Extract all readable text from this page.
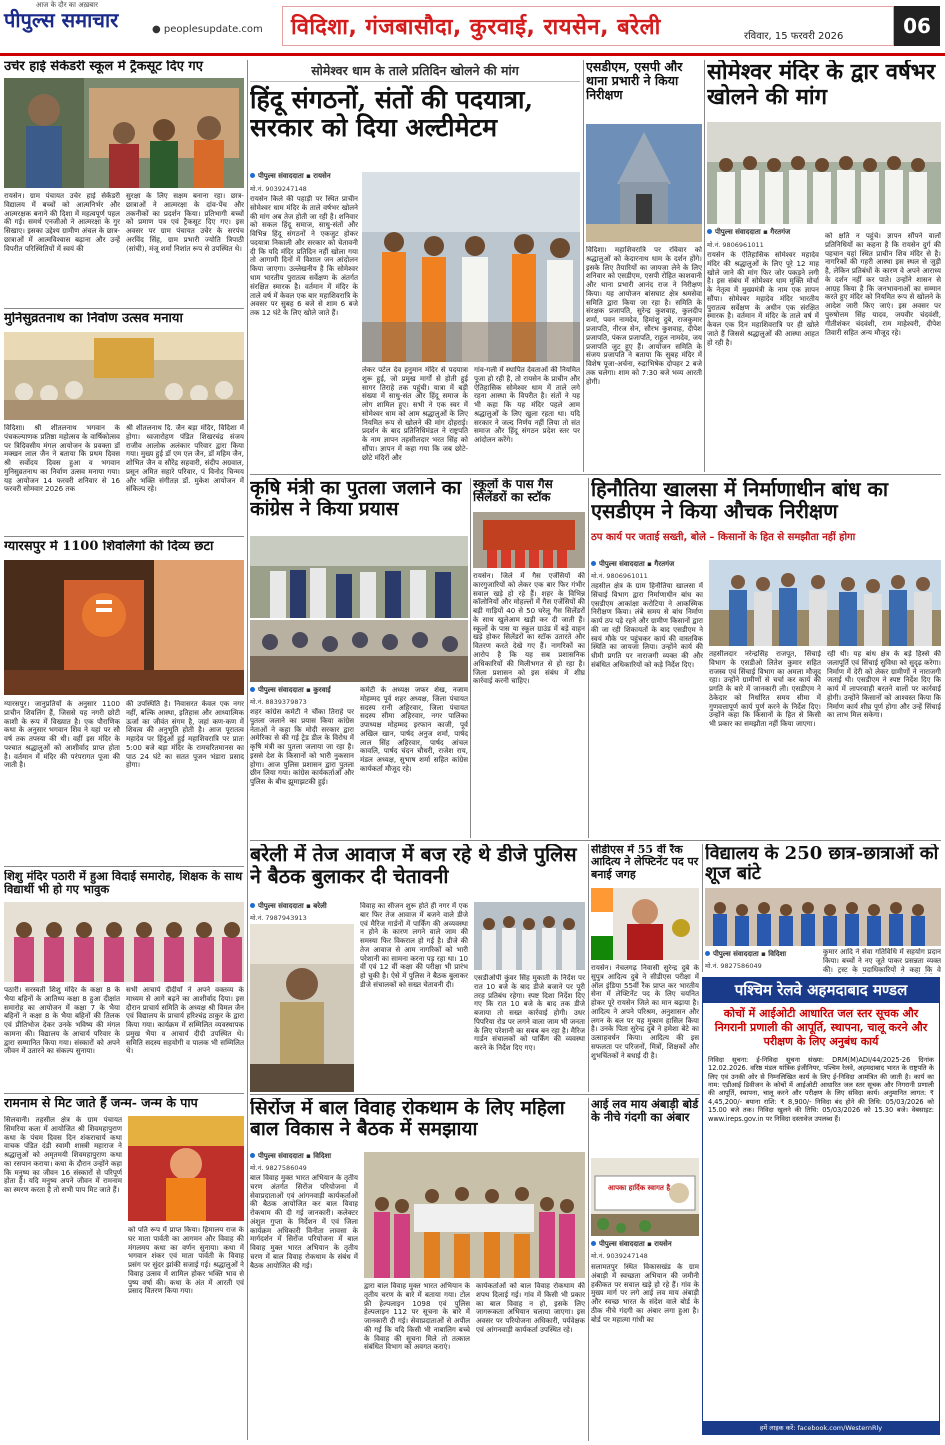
आज के दौर का अख़बार
पीपुल्स समाचार	● peoplesupdate.com	विदिशा, गंजबासौदा, कुरवाई, रायसेन, बरेली	रविवार, 15 फरवरी 2026	06
उचेर हाई सेकेंडरी स्कूल में ट्रैकसूट दिए गए
रायसेन। ग्राम पंचायत उचेर हाई सेकेंडरी विद्यालय में बच्चों को आत्मनिर्भर और आत्मरक्षक बनाने की दिशा में महत्वपूर्ण पहल की गई। समर्थ एनजीओ ने आत्मरक्षा के गुर सिखाए। इसका उद्देश्य ग्रामीण अंचल के छात्र-छात्राओं में आत्मविश्वास बढ़ाना और उन्हें विपरीत परिस्थितियों में स्वयं की
सुरक्षा के लिए सक्षम बनाना रहा। छात्र-छात्राओं ने आत्मरक्षा के दांव-पेंच और तकनीकों का प्रदर्शन किया। प्रतिभागी बच्चों को प्रमाण पत्र एवं ट्रैकसूट दिए गए। इस अवसर पर ग्राम पंचायत उचेर के सरपंच अरविंद सिंह, ग्राम प्रभारी ज्योति त्रिपाठी (सांची), मंजू शर्मा निशांत रूप से उपस्थित थे।
मुनिसुव्रतनाथ का निर्वाण उत्सव मनाया
विदिशा। श्री शीतलनाथ भगवान के पंचकल्याणक प्रतिष्ठा महोत्सव के वार्षिकोत्सव पर त्रिदिवसीय मंगल आयोजन के प्रवक्ता डॉ मक्खन लाल जैन ने बताया कि प्रथम दिवस श्री सर्वोदय दिवस हुआ व भगवान मुनिसुव्रतनाथ का निर्वाण उत्सव मनाया गया। यह आयोजन 14 फरवरी शनिवार से 16 फरवरी सोमवार 2026 तक
श्री शीतलनाथ दि. जैन बड़ा मंदिर, विदिशा में होगा। ध्वजारोहण पंडित शिखरचंद्र संजय राजीव आलोक अलंकार परिवार द्वारा किया गया। मुख्य हुई डॉ एम एल जैन, डॉ महिम जैन, शोभित जैन व सौरेंद्र सहवारी, संदीप अग्रवाल, प्रसून अमित सहारे परिवार, पं विनोद चिन्मय और भक्ति संगीतज्ञ डॉ. मुकेश आयोजन में संकिल्प रहे।
ग्यारसपुर में 1100 शिवलिंगों की दिव्य छटा
ग्यारसपुर। जानुप्रतियों के अनुसार 1100 प्राचीन शिवलिंग हैं, जिससे यह नगरी छोटी काशी के रूप में विख्यात है। एक पौराणिक कथा के अनुसार भगवान शिव ने यहां पर सौ वर्ष तक तपस्या की थी। वहीं इस मंदिर के पश्चात श्रद्धालुओं को आशीर्वाद प्राप्त होता है। वर्तमान में मंदिर की परंपरागत पूजा की जाती है।
की उपस्थिति है। निवासरत केवल एक नगर नहीं, बल्कि आस्था, इतिहास और आध्यात्मिक ऊर्जा का जीवंत संगम है, जहां कण-कण में शिवत्व की अनुभूति होती है। आज पूरातत्व महादेव पर हिंदुओं हुई महाशिवरात्रि पर प्रातः 5:00 बजे बड़ा मंदिर के रामचरितमानस का पाठ 24 घंटे का सतत पूजन भंडारा प्रसाद होगा।
शिशु मंदिर पठारी में हुआ विदाई समारोह, शिक्षक के साथ विद्यार्थी भी हो गए भावुक
पठारी। सरस्वती शिशु मंदिर के कक्षा 8 के भैया बहिनों के आतिथ्य कक्षा 8 हुआ दीक्षांत समारोह का आयोजन में कक्षा 7 के भैया बहिनों ने कक्षा 8 के भैया बहिनों की तिलक एवं प्रीतिभोज देकर उनके भविष्य की मंगल कामना की। विद्यालय के आचार्य परिवार के द्वारा सम्मानित किया गया। संस्कारों को अपने जीवन में उतारने का संकल्प सुनाया।
सभी आचार्य दीदीयों ने अपने वक्तव्य के माध्यम से आगे बढ़ने का आशीर्वाद दिया। इस दौरान प्राचार्य समिति के अध्यक्ष श्री विमल जैन एवं विद्यालय के प्राचार्य हरिश्चंद्र ठाकुर के द्वारा किया गया। कार्यक्रम में सम्मिलित व्यवस्थापक प्रमुख भैया व आचार्य दीदी उपस्थित थे। समिति सदस्य सहयोगी व पालक भी सम्मिलित थे।
रामनाम से मिट जाते हैं जन्म- जन्म के पाप
सिलवानी। तहसील क्षेत्र के ग्राम पंचायत सिमरिया कला में आयोजित श्री शिवमहापुराण कथा के पंचम दिवस दिन शंकराचार्य कथा वाचक पंडित दंडी स्वामी शास्त्री महाराज ने श्रद्धालुओं को अमृतमयी शिवमहापुराण कथा का रसपान कराया। कथा के दौरान उन्होंने कहा कि मनुष्य का जीवन 16 संस्कारों से परिपूर्ण होता है। यदि मनुष्य अपने जीवन में रामनाम का स्मरण करता है तो सभी पाप मिट जाते हैं।
को पति रूप में प्राप्त किया। हिमालय राज के घर माता पार्वती का आगमन और विवाह की मंगलमय कथा का वर्णन सुनाया। कथा में भगवान शंकर एवं माता पार्वती के विवाह प्रसंग पर सुंदर झांकी सजाई गई। श्रद्धालुओं ने विवाह उत्सव में शामिल होकर भक्ति भाव से पुष्प वर्षा की। कथा के अंत में आरती एवं प्रसाद वितरण किया गया।
सोमेश्वर धाम के ताले प्रतिदिन खोलने की मांग
हिंदू संगठनों, संतों की पदयात्रा, सरकार को दिया अल्टीमेटम
पीपुल्स संवाददाता ▪ रायसेन
मो.नं. 9039247148
रायसेन किले की पहाड़ी पर स्थित प्राचीन सोमेश्वर धाम मंदिर के ताले वर्षभर खोलने की मांग अब तेज होती जा रही है। शनिवार को सकल हिंदू समाज, साधु-संतों और विभिन्न हिंदू संगठनों ने एकजुट होकर पदयात्रा निकाली और सरकार को चेतावनी दी कि यदि मंदिर प्रतिदिन नहीं खोला गया तो आगामी दिनों में विशाल जन आंदोलन किया जाएगा। उल्लेखनीय है कि सोमेश्वर धाम भारतीय पुरातत्व सर्वेक्षण के अंतर्गत संरक्षित स्मारक है। वर्तमान में मंदिर के ताले वर्ष में केवल एक बार महाशिवरात्रि के अवसर पर सुबह 6 बजे से शाम 6 बजे तक 12 घंटे के लिए खोले जाते हैं।
लेकर पटेल देव हनुमान मंदिर से पदयात्रा शुरू हुई, जो प्रमुख मार्गों से होती हुई सागर तिराहे तक पहुंची। यात्रा में बड़ी संख्या में साधु-संत और हिंदू समाज के लोग शामिल हुए। सभी ने एक स्वर में सोमेश्वर धाम को आम श्रद्धालुओं के लिए नियमित रूप से खोलने की मांग दोहराई। प्रदर्शन के बाद प्रतिनिधिमंडल ने राष्ट्रपति के नाम ज्ञापन तहसीलदार भरत सिंह को सौंपा। ज्ञापन में कहा गया कि जब छोटे-छोटे मंदिरों और
गांव-गली में स्थापित देवताओं की नियमित पूजा हो रही है, तो रायसेन के प्राचीन और ऐतिहासिक सोमेश्वर धाम में ताले लगे रहना आस्था के विपरीत है। संतों ने यह भी कहा कि यह मंदिर पहले आम श्रद्धालुओं के लिए खुला रहता था। यदि सरकार ने जल्द निर्णय नहीं लिया तो संत समाज और हिंदू संगठन प्रदेश स्तर पर आंदोलन करेंगे।
एसडीएम, एसपी और थाना प्रभारी ने किया निरीक्षण
विदिशा। महाशिवरात्रि पर रविवार को श्रद्धालुओं को केदारनाथ धाम के दर्शन होंगे। इसके लिए तैयारियों का जायजा लेने के लिए शनिवार को एसडीएम, एसपी रोहित काशवानी और थाना प्रभारी आनंद राज ने निरीक्षण किया। यह आयोजन बांसघाट क्षेत्र श्रमसेवा समिति द्वारा किया जा रहा है। समिति के संरक्षक प्रजापति, सुरेन्द्र कुशवाह, कुलदीप शर्मा, पवन नामदेव, हिमांशु दुबे, राजकुमार प्रजापति, नीरज सेन, सौरभ कुशवाह, दीपेश प्रजापति, पंकज प्रजापति, राहुल नामदेव, जय प्रजापति जुट हुए हैं। आयोजन समिति के संजय प्रजापति ने बताया कि सुबह मंदिर में विशेष पूजा-अर्चना, रुद्राभिषेक दोपहर 2 बजे तक चलेगा। शाम को 7:30 बजे भव्य आरती होगी।
सोमेश्वर मंदिर के द्वार वर्षभर खोलने की मांग
पीपुल्स संवाददाता ▪ गैरतगंज
मो.नं. 9806961011
रायसेन के ऐतिहासिक सोमेश्वर महादेव मंदिर की श्रद्धालुओं के लिए पूरे 12 माह खोले जाने की मांग फिर जोर पकड़ने लगी है। इस संबंध में सोमेश्वर धाम मुक्ति मोर्चा के नेतृत्व में मुख्यमंत्री के नाम एक ज्ञापन सौंपा। सोमेश्वर महादेव मंदिर भारतीय पुरातत्व सर्वेक्षण के अधीन एक संरक्षित स्मारक है। वर्तमान में मंदिर के ताले वर्ष में केवल एक दिन महाशिवरात्रि पर ही खोले जाते हैं जिससे श्रद्धालुओं की आस्था आहत हो रही है।
को क्षति न पहुंचे। ज्ञापन सौंपने वालों प्रतिनिधियों का कहना है कि रायसेन दुर्ग की पहचान यहां स्थित प्राचीन शिव मंदिर से है। नागरिकों की गहरी आस्था इस स्थल से जुड़ी है, लेकिन प्रतिबंधों के कारण वे अपने आराध्य के दर्शन नहीं कर पाते। उन्होंने शासन से आग्रह किया है कि जनभावनाओं का सम्मान करते हुए मंदिर को नियमित रूप से खोलने के आदेश जारी किए जाएं। इस अवसर पर पुरुषोत्तम सिंह यादव, जयवीर चंदवंशी, गीतीशंकर चंदवंशी, राम माहेश्वरी, दीपेश तिवारी सहित अन्य मौजूद रहे।
कृषि मंत्री का पुतला जलाने का कांग्रेस ने किया प्रयास
पीपुल्स संवाददाता ▪ कुरवाई
मो.नं. 8839379873
शहर कांग्रेस कमेटी ने चौंका तिराहे पर पुतला जलाने का प्रयास किया कांग्रेस नेताओं ने कहा कि मोदी सरकार द्वारा अमेरिका से की गई ट्रेड डील के विरोध में कृषि मंत्री का पुतला जलाया जा रहा है। इससे देश के किसानों को भारी नुकसान होगा। आज पुलिस प्रशासन द्वारा पुतला छीन लिया गया। कांग्रेस कार्यकर्ताओं और पुलिस के बीच झूमाझटकी हुई।
कमेटी के अध्यक्ष जफर शेख, नजाम मोहम्मद पूर्व शहर अध्यक्ष, जिला पंचायत सदस्य रानी अहिरवार, जिला पंचायत सदस्य सीमा अहिरवार, नगर पालिका उपाध्यक्ष मोहम्मद इरफान काजी, पूर्व अखिल खान, पार्षद अनुज शर्मा, पार्षद लाल सिंह अहिरवार, पार्षद आंचल कावलि, पार्षद चंदन चौधरी, राजेश राय, मंडल अध्यक्ष, सुभाष शर्मा सहित कांग्रेस कार्यकर्ता मौजूद रहे।
स्कूलों के पास गैस सिलेंडरों का स्टॉक
रायसेन। जिले में गैस एजेंसियों की कारगुजारियों को लेकर एक बार फिर गंभीर सवाल खड़े हो रहे हैं। शहर के विभिन्न कॉलोनियों और मोहल्लों में गैस एजेंसियों की बड़ी गाड़ियों 40 से 50 घरेलू गैस सिलेंडरों के साथ खुलेआम खड़ी कर दी जाती हैं। स्कूलों के पास या स्कूल ग्राउंड में बड़े वाहन खड़े होकर सिलेंडरों का स्टॉक उतारते और वितरण करते देखे गए हैं। नागरिकों का आरोप है कि यह सब प्रशासनिक अधिकारियों की मिलीभगत से हो रहा है। जिला प्रशासन को इस संबंध में शीघ्र कार्रवाई करनी चाहिए।
हिनौतिया खालसा में निर्माणाधीन बांध का एसडीएम ने किया औचक निरीक्षण
ठप कार्य पर जताई सख्ती, बोले – किसानों के हित से समझौता नहीं होगा
पीपुल्स संवाददाता ▪ गैरतगंज
मो.नं. 9806961011
तहसील क्षेत्र के ग्राम हिनौतिया खालसा में सिंचाई विभाग द्वारा निर्माणाधीन बांध का एसडीएम आकांक्षा करोटिया ने आकस्मिक निरीक्षण किया। लंबे समय से बांध निर्माण कार्य ठप पड़े रहने और ग्रामीण किसानों द्वारा की जा रही शिकायतों के बाद एसडीएम ने स्वयं मौके पर पहुंचकर कार्य की वास्तविक स्थिति का जायजा लिया। उन्होंने कार्य की धीमी प्रगति पर नाराजगी व्यक्त की और संबंधित अधिकारियों को कड़े निर्देश दिए।
तहसीलदार नरेन्द्रसिंह राजपूत, सिंचाई विभाग के एसडीओ लितेश कुमार सहित राजस्व एवं सिंचाई विभाग का अमला मौजूद रहा। उन्होंने ग्रामीणों से चर्चा कर कार्य की प्रगति के बारे में जानकारी ली। एसडीएम ने ठेकेदार को निर्धारित समय सीमा में गुणवत्तापूर्ण कार्य पूर्ण करने के निर्देश दिए। उन्होंने कहा कि किसानों के हित से किसी भी प्रकार का समझौता नहीं किया जाएगा।
रही थी। यह बांध क्षेत्र के बड़े हिस्से की जलापूर्ति एवं सिंचाई सुविधा को सुदृढ़ करेगा। निर्माण में देरी को लेकर ग्रामीणों ने नाराजगी जताई थी। एसडीएम ने स्पष्ट निर्देश दिए कि कार्य में लापरवाही बरतने वालों पर कार्रवाई होगी। उन्होंने किसानों को आश्वस्त किया कि निर्माण कार्य शीघ्र पूर्ण होगा और उन्हें सिंचाई का लाभ मिल सकेगा।
बरेली में तेज आवाज में बज रहे थे डीजे पुलिस ने बैठक बुलाकर दी चेतावनी
पीपुल्स संवाददाता ▪ बरेली
मो.नं. 7987943913
विवाह का सीजन शुरू होते ही नगर में एक बार फिर तेज आवाज में बजने वाले डीजे एवं मैरिज गार्डनों में पार्किंग की अव्यवस्था न होने के कारण लगने वाले जाम की समस्या फिर विकराल हो गई है। डीजे की तेज आवाज से आम नागरिकों को भारी परेशानी का सामना करना पड़ रहा था। 10 वीं एवं 12 वीं कक्षा की परीक्षा भी प्रारंभ हो चुकी है। ऐसे में पुलिस ने बैठक बुलाकर डीजे संचालकों को सख्त चेतावनी दी।
एसडीओपी कुंवर सिंह मुकाती के निर्देश पर रात 10 बजे के बाद डीजे बजाने पर पूरी तरह प्रतिबंध रहेगा। स्पष्ट दिशा निर्देश दिए गए कि रात 10 बजे के बाद तक डीजे बजाया तो सख्त कार्रवाई होगी। उधर पिपरिया रोड पर लगने वाला जाम भी जनता के लिए परेशानी का सबब बन रहा है। मैरिज गार्डन संचालकों को पार्किंग की व्यवस्था करने के निर्देश दिए गए।
सीडीएस में 55 वीं रैंक आदित्य ने लेफ्टिनेंट पद पर बनाई जगह
रायसेन। नेचलगढ़ निवासी सुरेन्द्र दुबे के सुपुत्र आदित्य दुबे ने सीडीएस परीक्षा में ऑल इंडिया 55वीं रैंक प्राप्त कर भारतीय सेना में लेफ्टिनेंट पद के लिए चयनित होकर पूरे रायसेन जिले का मान बढ़ाया है। आदित्य ने अपने परिश्रम, अनुशासन और लगन के बल पर यह मुकाम हासिल किया है। उनके पिता सुरेन्द्र दुबे ने हमेशा बेटे का उत्साहवर्धन किया। आदित्य की इस सफलता पर परिजनों, मित्रों, शिक्षकों और शुभचिंतकों ने बधाई दी है।
विद्यालय के 250 छात्र-छात्राओं को शूज बांटे
पीपुल्स संवाददाता ▪ विदिशा
मो.नं. 9827586049
कुमार आदि ने सेवा गतिविधि में सहयोग प्रदान किया। बच्चों ने नए जूते पाकर प्रसन्नता व्यक्त की। ट्रस्ट के पदाधिकारियों ने कहा कि वे
पश्चिम रेलवे अहमदाबाद मण्डल
कोचों में आईओटी आधारित जल स्तर सूचक और निगरानी प्रणाली की आपूर्ति, स्थापना, चालू करने और परीक्षण के लिए अनुबंध कार्य
निविदा सूचना: ई-निविदा सूचना संख्या: DRM(M)ADI/44/2025-26 दिनांक 12.02.2026. वरिष्ठ मंडल यांत्रिक इंजीनियर, पश्चिम रेलवे, अहमदाबाद भारत के राष्ट्रपति के लिए एवं उनकी ओर से निम्नलिखित कार्य के लिए ई-निविदा आमंत्रित की जाती है। कार्य का नाम: एडीआई डिवीजन के कोचों में आईओटी आधारित जल स्तर सूचक और निगरानी प्रणाली की आपूर्ति, स्थापना, चालू करने और परीक्षण के लिए संविदा कार्य। अनुमानित लागत: ₹ 4,45,200/- बयाना राशि: ₹ 8,900/- निविदा बंद होने की तिथि: 05/03/2026 को 15.00 बजे तक। निविदा खुलने की तिथि: 05/03/2026 को 15.30 बजे। वेबसाइट: www.ireps.gov.in पर निविदा दस्तावेज उपलब्ध हैं।
हमें लाइक करें: facebook.com/WesternRly
सिरोंज में बाल विवाह रोकथाम के लिए महिला बाल विकास ने बैठक में समझाया
पीपुल्स संवाददाता ▪ विदिशा
मो.नं. 9827586049
बाल विवाह मुक्त भारत अभियान के तृतीय चरण अंतर्गत सिरोंज परियोजना में सेवाप्रदाताओं एवं आंगनवाड़ी कार्यकर्ताओं की बैठक आयोजित कर बाल विवाह रोकथाम की दी गई जानकारी। कलेक्टर अंशुल गुप्ता के निर्देशन में एवं जिला कार्यक्रम अधिकारी विनीता लावसा के मार्गदर्शन में सिरोंज परियोजना में बाल विवाह मुक्त भारत अभियान के तृतीय चरण में बाल विवाह रोकथाम के संबंध में बैठक आयोजित की गई।
द्वारा बाल विवाह मुक्त भारत अभियान के तृतीय चरण के बारे में बताया गया। टोल फ्री हेल्पलाइन 1098 एवं पुलिस हेल्पलाइन 112 पर सूचना के बारे में जानकारी दी गई। सेवाप्रदाताओं से अपील की गई कि यदि किसी भी नाबालिग बच्चे के विवाह की सूचना मिले तो तत्काल संबंधित विभाग को अवगत कराएं।
कार्यकर्ताओं को बाल विवाह रोकथाम की शपथ दिलाई गई। गांव में किसी भी प्रकार का बाल विवाह न हो, इसके लिए जागरूकता अभियान चलाया जाएगा। इस अवसर पर परियोजना अधिकारी, पर्यवेक्षक एवं आंगनवाड़ी कार्यकर्ता उपस्थित रहे।
आई लव माय अंबाड़ी बोर्ड के नीचे गंदगी का अंबार
आपका हार्दिक स्वागत है
पीपुल्स संवाददाता ▪ रायसेन
मो.नं. 9039247148
सलामतपुर स्थित विकासखंड के ग्राम अंबाड़ी में स्वच्छता अभियान की जमीनी हकीकत पर सवाल खड़े हो रहे हैं। गांव के मुख्य मार्ग पर लगे आई लव माय अंबाड़ी और स्वच्छ भारत के संदेश वाले बोर्ड के ठीक नीचे गंदगी का अंबार लगा हुआ है। बोर्ड पर महात्मा गांधी का
